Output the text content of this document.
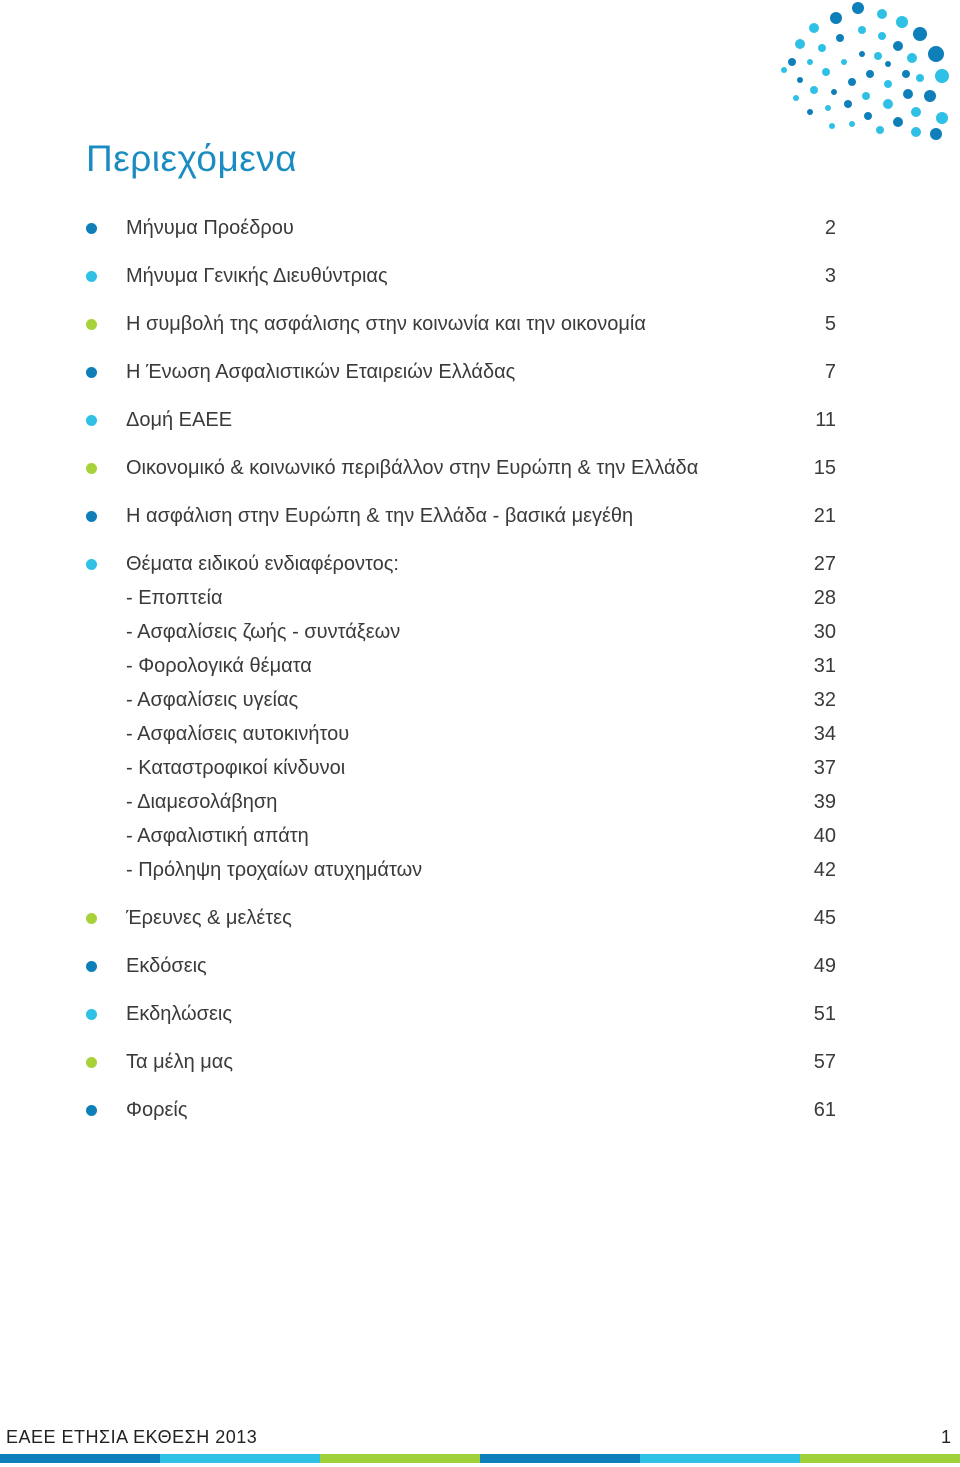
Περιεχόμενα
Μήνυμα Προέδρου	2
Μήνυμα Γενικής Διευθύντριας	3
Η συμβολή της ασφάλισης στην κοινωνία και την οικονομία	5
Η Ένωση Ασφαλιστικών Εταιρειών Ελλάδας	7
Δομή ΕΑΕΕ	11
Οικονομικό & κοινωνικό περιβάλλον στην Ευρώπη & την Ελλάδα	15
Η ασφάλιση στην Ευρώπη & την Ελλάδα - βασικά μεγέθη	21
Θέματα ειδικού ενδιαφέροντος:	27
- Εποπτεία	28
- Ασφαλίσεις ζωής - συντάξεων	30
- Φορολογικά θέματα	31
- Ασφαλίσεις υγείας	32
- Ασφαλίσεις αυτοκινήτου	34
- Καταστροφικοί κίνδυνοι	37
- Διαμεσολάβηση	39
- Ασφαλιστική απάτη	40
- Πρόληψη τροχαίων ατυχημάτων	42
Έρευνες & μελέτες	45
Εκδόσεις	49
Εκδηλώσεις	51
Τα μέλη μας	57
Φορείς	61
ΕΑΕΕ ΕΤΗΣΙΑ ΕΚΘΕΣΗ 2013	1
